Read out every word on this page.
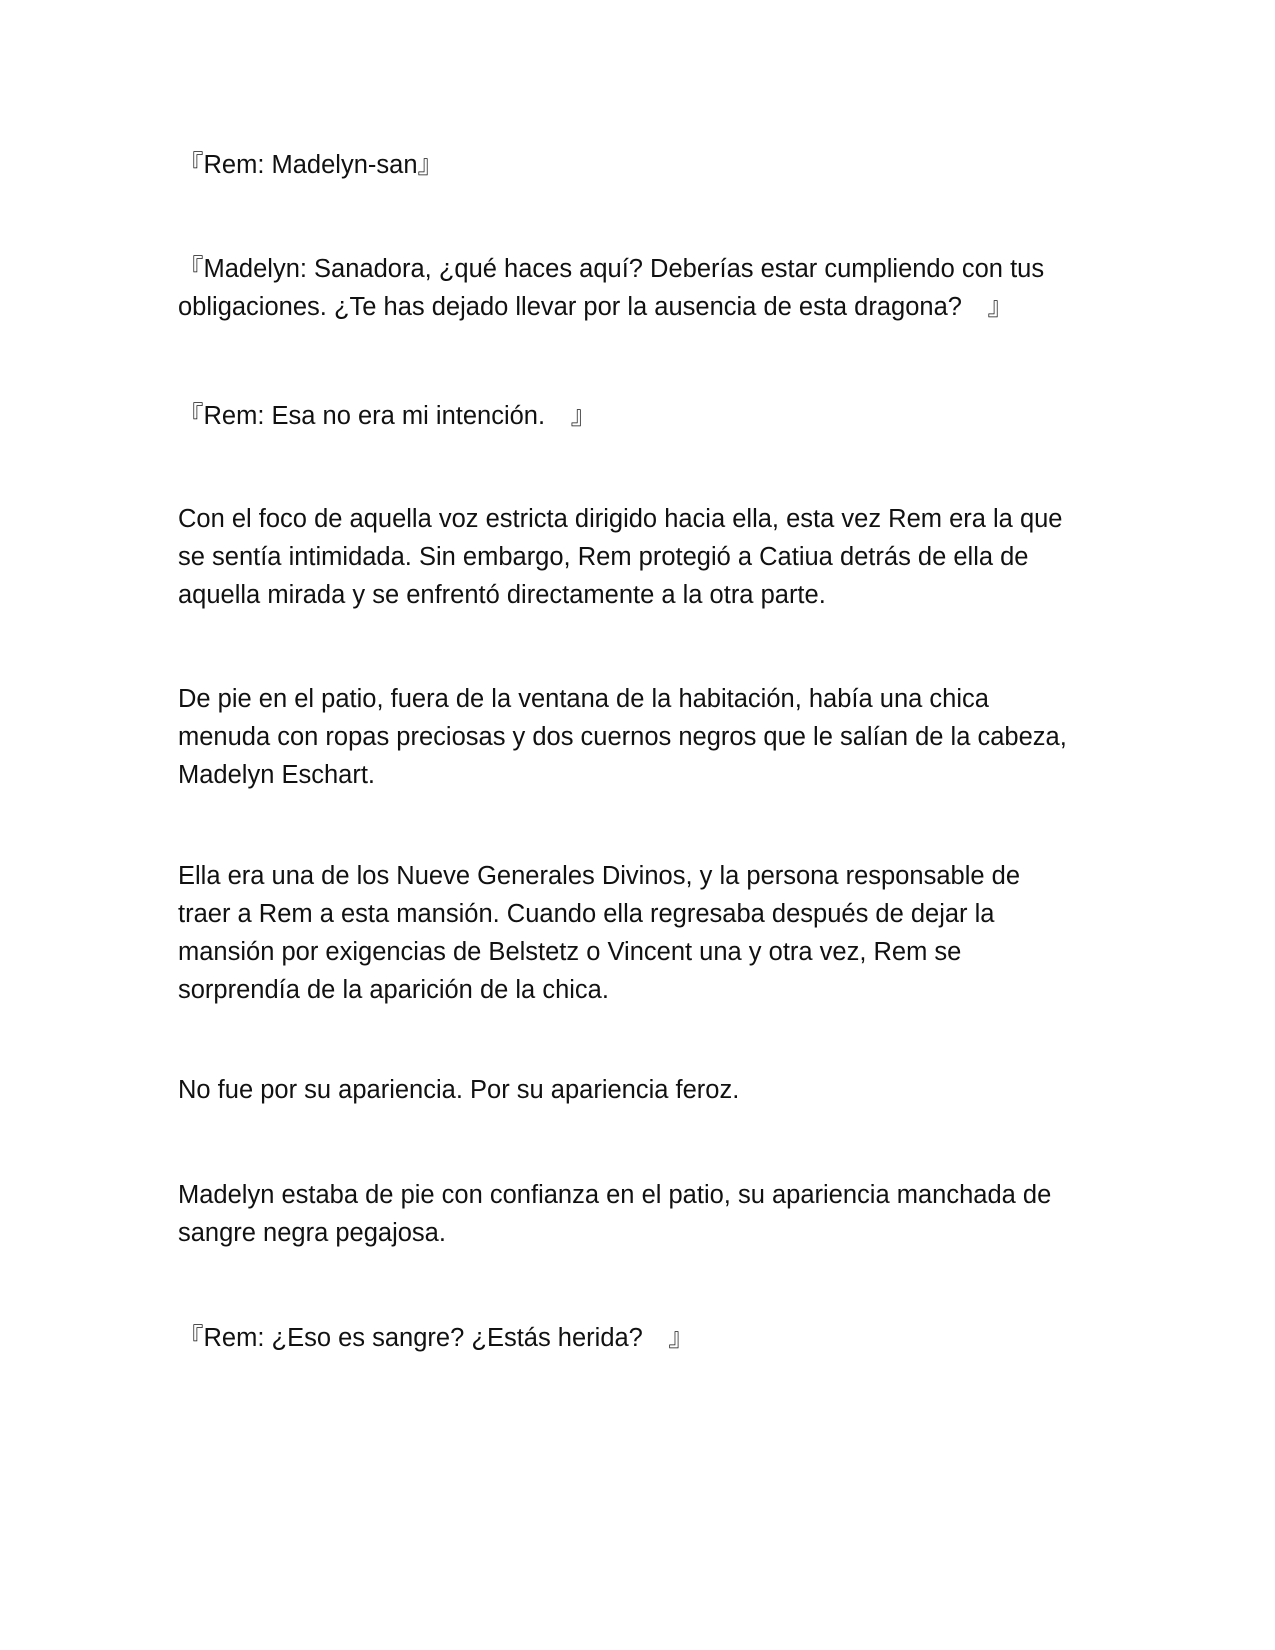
『Rem: Madelyn-san』

『Madelyn: Sanadora, ¿qué haces aquí? Deberías estar cumpliendo con tus
obligaciones. ¿Te has dejado llevar por la ausencia de esta dragona?　』

『Rem: Esa no era mi intención.　』

Con el foco de aquella voz estricta dirigido hacia ella, esta vez Rem era la que
se sentía intimidada. Sin embargo, Rem protegió a Catiua detrás de ella de
aquella mirada y se enfrentó directamente a la otra parte.

De pie en el patio, fuera de la ventana de la habitación, había una chica
menuda con ropas preciosas y dos cuernos negros que le salían de la cabeza,
Madelyn Eschart.

Ella era una de los Nueve Generales Divinos, y la persona responsable de
traer a Rem a esta mansión. Cuando ella regresaba después de dejar la
mansión por exigencias de Belstetz o Vincent una y otra vez, Rem se
sorprendía de la aparición de la chica.

No fue por su apariencia. Por su apariencia feroz.

Madelyn estaba de pie con confianza en el patio, su apariencia manchada de
sangre negra pegajosa.

『Rem: ¿Eso es sangre? ¿Estás herida?　』
